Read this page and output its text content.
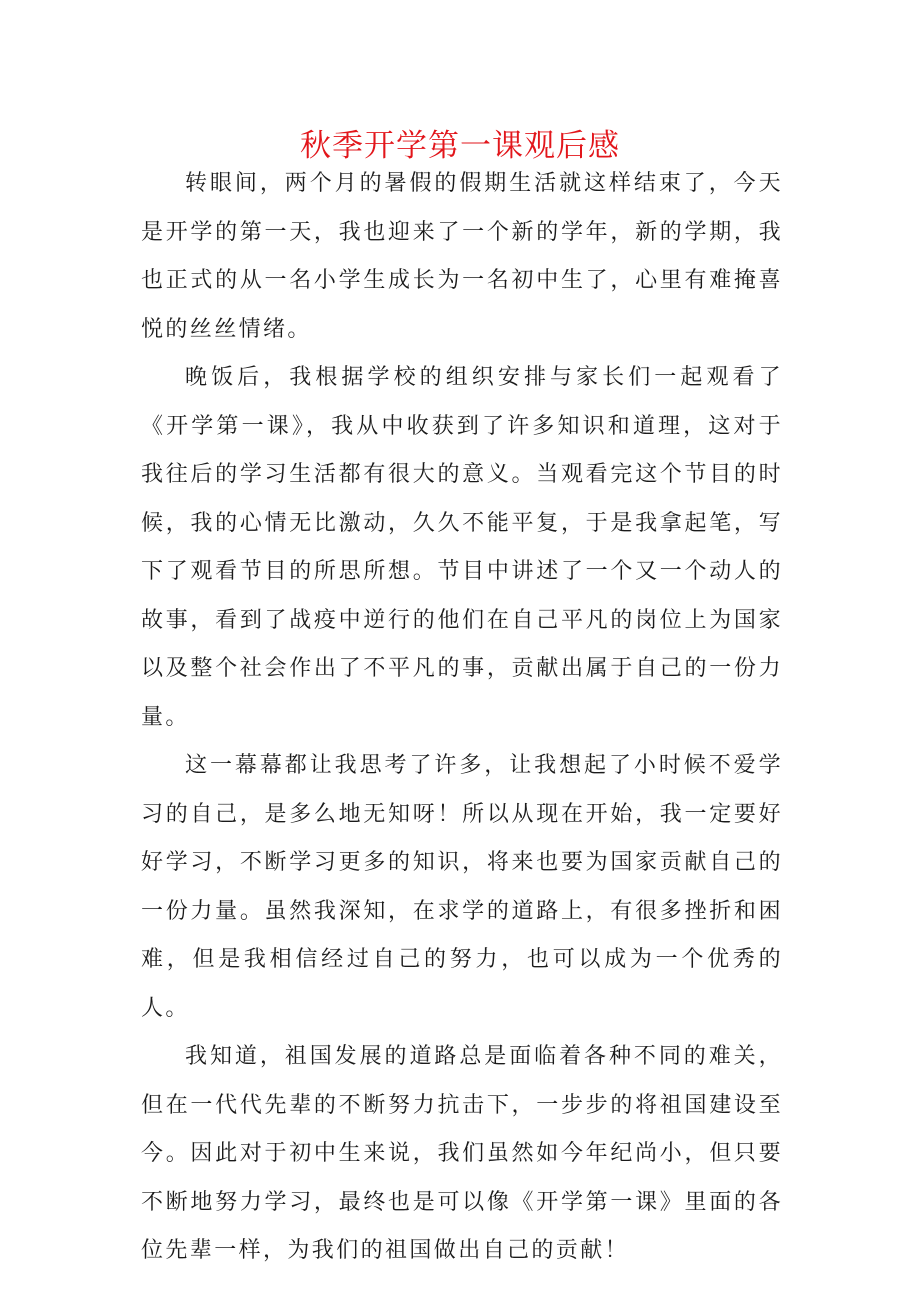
秋季开学第一课观后感

转眼间，两个月的暑假的假期生活就这样结束了，今天是开学的第一天，我也迎来了一个新的学年，新的学期，我也正式的从一名小学生成长为一名初中生了，心里有难掩喜悦的丝丝情绪。

晚饭后，我根据学校的组织安排与家长们一起观看了《开学第一课》，我从中收获到了许多知识和道理，这对于我往后的学习生活都有很大的意义。当观看完这个节目的时候，我的心情无比激动，久久不能平复，于是我拿起笔，写下了观看节目的所思所想。节目中讲述了一个又一个动人的故事，看到了战疫中逆行的他们在自己平凡的岗位上为国家以及整个社会作出了不平凡的事，贡献出属于自己的一份力量。

这一幕幕都让我思考了许多，让我想起了小时候不爱学习的自己，是多么地无知呀！所以从现在开始，我一定要好好学习，不断学习更多的知识，将来也要为国家贡献自己的一份力量。虽然我深知，在求学的道路上，有很多挫折和困难，但是我相信经过自己的努力，也可以成为一个优秀的人。

我知道，祖国发展的道路总是面临着各种不同的难关，但在一代代先辈的不断努力抗击下，一步步的将祖国建设至今。因此对于初中生来说，我们虽然如今年纪尚小，但只要不断地努力学习，最终也是可以像《开学第一课》里面的各位先辈一样，为我们的祖国做出自己的贡献！
